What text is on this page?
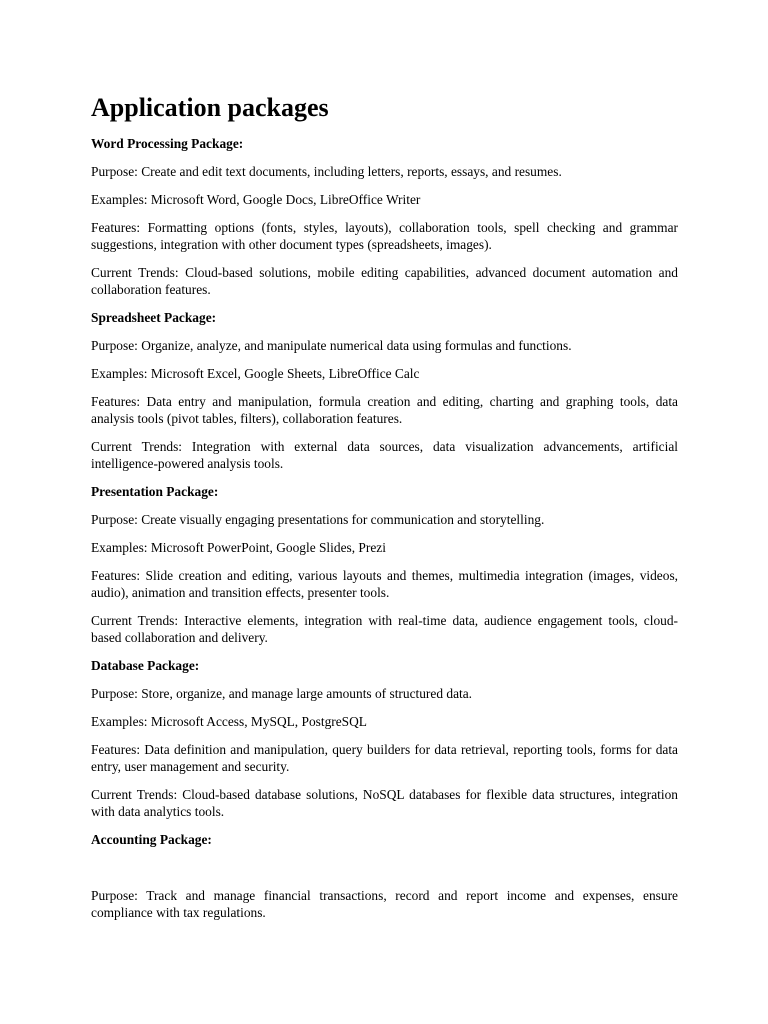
Application packages
Word Processing Package:

Purpose: Create and edit text documents, including letters, reports, essays, and resumes.

Examples: Microsoft Word, Google Docs, LibreOffice Writer

Features: Formatting options (fonts, styles, layouts), collaboration tools, spell checking and grammar suggestions, integration with other document types (spreadsheets, images).

Current Trends: Cloud-based solutions, mobile editing capabilities, advanced document automation and collaboration features.

Spreadsheet Package:

Purpose: Organize, analyze, and manipulate numerical data using formulas and functions.

Examples: Microsoft Excel, Google Sheets, LibreOffice Calc

Features: Data entry and manipulation, formula creation and editing, charting and graphing tools, data analysis tools (pivot tables, filters), collaboration features.

Current Trends: Integration with external data sources, data visualization advancements, artificial intelligence-powered analysis tools.

Presentation Package:

Purpose: Create visually engaging presentations for communication and storytelling.

Examples: Microsoft PowerPoint, Google Slides, Prezi

Features: Slide creation and editing, various layouts and themes, multimedia integration (images, videos, audio), animation and transition effects, presenter tools.

Current Trends: Interactive elements, integration with real-time data, audience engagement tools, cloud-based collaboration and delivery.

Database Package:

Purpose: Store, organize, and manage large amounts of structured data.

Examples: Microsoft Access, MySQL, PostgreSQL

Features: Data definition and manipulation, query builders for data retrieval, reporting tools, forms for data entry, user management and security.

Current Trends: Cloud-based database solutions, NoSQL databases for flexible data structures, integration with data analytics tools.

Accounting Package:

Purpose: Track and manage financial transactions, record and report income and expenses, ensure compliance with tax regulations.
